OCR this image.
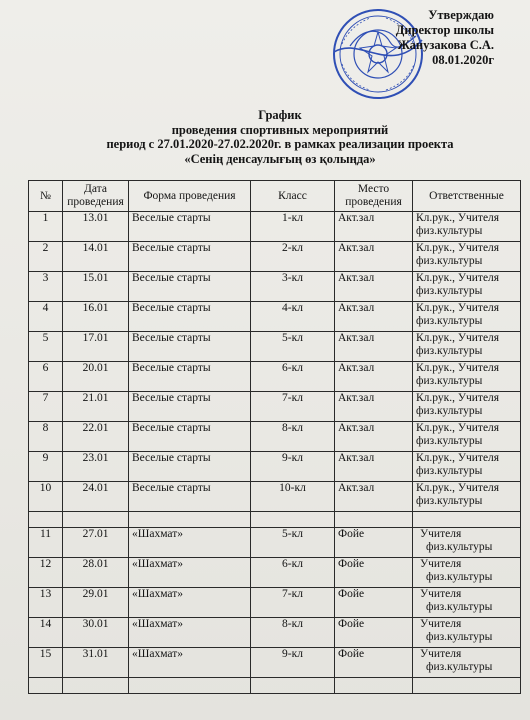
Утверждаю
Директор школы
Жанузакова С.А.
08.01.2020г
График
проведения спортивных мероприятий
период с 27.01.2020-27.02.2020г. в рамках реализации проекта
«Сенің денсаулығың өз қолыңда»
№	Дата проведения	Форма проведения	Класс	Место проведения	Ответственные
1	13.01	Веселые старты	1-кл	Акт.зал	Кл.рук., Учителя
физ.культуры

2	14.01	Веселые старты	2-кл	Акт.зал	Кл.рук., Учителя
физ.культуры

3	15.01	Веселые старты	3-кл	Акт.зал	Кл.рук., Учителя
физ.культуры

4	16.01	Веселые старты	4-кл	Акт.зал	Кл.рук., Учителя
физ.культуры

5	17.01	Веселые старты	5-кл	Акт.зал	Кл.рук., Учителя
физ.культуры

6	20.01	Веселые старты	6-кл	Акт.зал	Кл.рук., Учителя
физ.культуры

7	21.01	Веселые старты	7-кл	Акт.зал	Кл.рук., Учителя
физ.культуры

8	22.01	Веселые старты	8-кл	Акт.зал	Кл.рук., Учителя
физ.культуры

9	23.01	Веселые старты	9-кл	Акт.зал	Кл.рук., Учителя
физ.культуры

10	24.01	Веселые старты	10-кл	Акт.зал	Кл.рук., Учителя
физ.культуры

11	27.01	«Шахмат»	5-кл	Фойе	Учителя
физ.культуры

12	28.01	«Шахмат»	6-кл	Фойе	Учителя
физ.культуры

13	29.01	«Шахмат»	7-кл	Фойе	Учителя
физ.культуры

14	30.01	«Шахмат»	8-кл	Фойе	Учителя
физ.культуры

15	31.01	«Шахмат»	9-кл	Фойе	Учителя
физ.культуры
